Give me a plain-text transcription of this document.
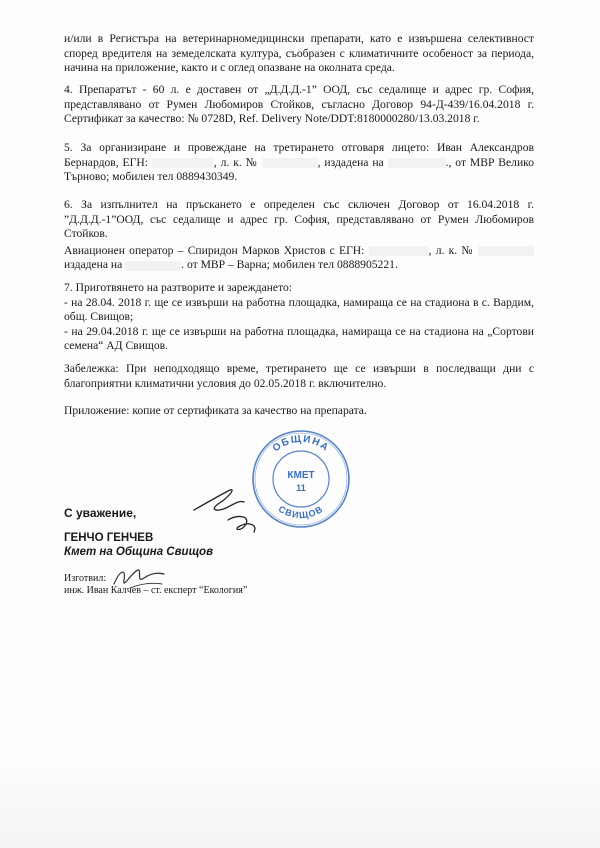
и/или в Регистъра на ветеринарномедицински препарати, като е извършена селективност според вредителя на земеделската култура, съобразен с климатичните особеност за периода, начина на приложение, както и с оглед опазване на околната среда.

4. Препаратът - 60 л. е доставен от „Д.Д.Д.-1” ООД, със седалище и адрес гр. София, представлявано от Румен Любомиров Стойков, съгласно Договор 94-Д-439/16.04.2018 г. Сертификат за качество: № 0728D, Ref. Delivery Note/DDT:8180000280/13.03.2018 г.

5. За организиране и провеждане на третирането отговаря лицето: Иван Александров Бернардов, ЕГН:	, л. к. №	, издадена на	., от МВР Велико Търново; мобилен тел 0889430349.

6. За изпълнител на пръскането е определен със сключен Договор от 16.04.2018 г. ”Д.Д.Д.-1”ООД, със седалище и адрес гр. София, представлявано от Румен Любомиров Стойков.

Авиационен оператор – Спиридон Марков Христов с ЕГН:	, л. к. №  издадена на	. от МВР – Варна; мобилен тел 0888905221.

7. Приготвянето на разтворите и зареждането:

- на 28.04. 2018 г. ще се извърши на работна площадка, намираща се на стадиона в с. Вардим, общ. Свищов;

- на 29.04.2018 г. ще се извърши на работна площадка, намираща се на стадиона на „Сортови семена“ АД Свищов.

Забележка: При неподходящо време, третирането ще се извърши в последващи дни с благоприятни климатични условия до 02.05.2018 г. включително.

Приложение: копие от сертификата за качество на препарата.

ОБЩИНА
СВИЩОВ
КМЕТ
11
С уважение,
ГЕНЧО ГЕНЧЕВ
Кмет на Община Свищов
Изготвил:
инж. Иван Калчев – ст. експерт “Екология”
